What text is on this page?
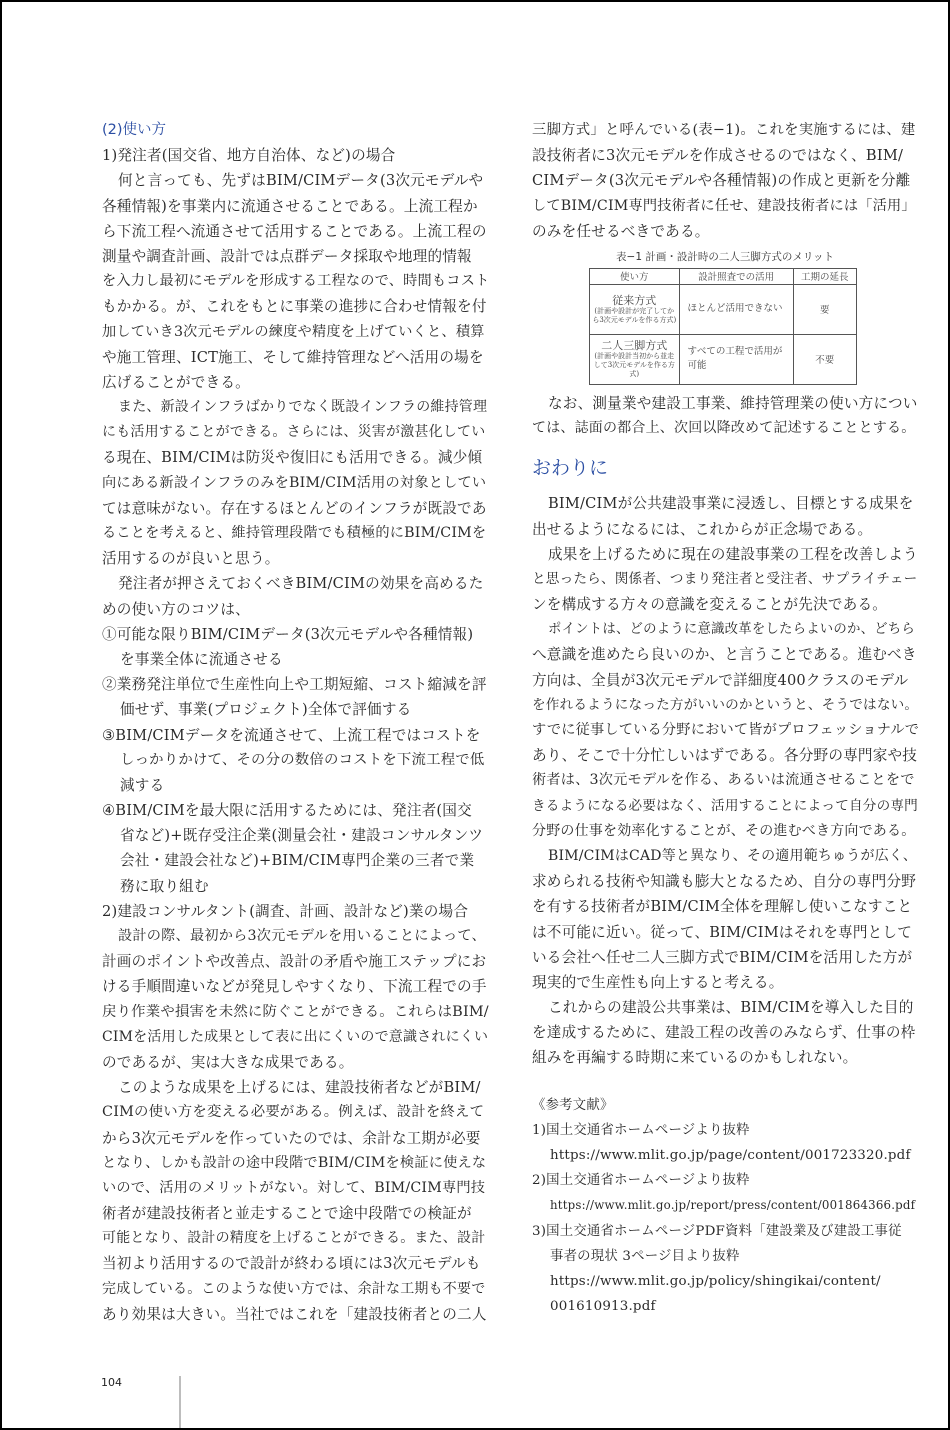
(2)使い方
1)発注者(国交省、地方自治体、など)の場合
何と言っても、先ずはBIM/CIMデータ(3次元モデルや
各種情報)を事業内に流通させることである。上流工程か
ら下流工程へ流通させて活用することである。上流工程の
測量や調査計画、設計では点群データ採取や地理的情報
を入力し最初にモデルを形成する工程なので、時間もコスト
もかかる。が、これをもとに事業の進捗に合わせ情報を付
加していき3次元モデルの練度や精度を上げていくと、積算
や施工管理、ICT施工、そして維持管理などへ活用の場を
広げることができる。
また、新設インフラばかりでなく既設インフラの維持管理
にも活用することができる。さらには、災害が激甚化してい
る現在、BIM/CIMは防災や復旧にも活用できる。減少傾
向にある新設インフラのみをBIM/CIM活用の対象としてい
ては意味がない。存在するほとんどのインフラが既設であ
ることを考えると、維持管理段階でも積極的にBIM/CIMを
活用するのが良いと思う。
発注者が押さえておくべきBIM/CIMの効果を高めるた
めの使い方のコツは、
①可能な限りBIM/CIMデータ(3次元モデルや各種情報)
を事業全体に流通させる
②業務発注単位で生産性向上や工期短縮、コスト縮減を評
価せず、事業(プロジェクト)全体で評価する
③BIM/CIMデータを流通させて、上流工程ではコストを
しっかりかけて、その分の数倍のコストを下流工程で低
減する
④BIM/CIMを最大限に活用するためには、発注者(国交
省など)+既存受注企業(測量会社・建設コンサルタンツ
会社・建設会社など)+BIM/CIM専門企業の三者で業
務に取り組む
2)建設コンサルタント(調査、計画、設計など)業の場合
設計の際、最初から3次元モデルを用いることによって、
計画のポイントや改善点、設計の矛盾や施工ステップにお
ける手順間違いなどが発見しやすくなり、下流工程での手
戻り作業や損害を未然に防ぐことができる。これらはBIM/
CIMを活用した成果として表に出にくいので意識されにくい
のであるが、実は大きな成果である。
このような成果を上げるには、建設技術者などがBIM/
CIMの使い方を変える必要がある。例えば、設計を終えて
から3次元モデルを作っていたのでは、余計な工期が必要
となり、しかも設計の途中段階でBIM/CIMを検証に使えな
いので、活用のメリットがない。対して、BIM/CIM専門技
術者が建設技術者と並走することで途中段階での検証が
可能となり、設計の精度を上げることができる。また、設計
当初より活用するので設計が終わる頃には3次元モデルも
完成している。このような使い方では、余計な工期も不要で
あり効果は大きい。当社ではこれを「建設技術者との二人
三脚方式」と呼んでいる(表−1)。これを実施するには、建
設技術者に3次元モデルを作成させるのではなく、BIM/
CIMデータ(3次元モデルや各種情報)の作成と更新を分離
してBIM/CIM専門技術者に任せ、建設技術者には「活用」
のみを任せるべきである。
表−1 計画・設計時の二人三脚方式のメリット
使い方	設計照査での活用	工期の延長

従来方式
(計画や設計が完了してから3次元モデルを作る方式)	ほとんど活用できない	要

二人三脚方式
(計画や設計当初から並走して3次元モデルを作る方式)	すべての工程で活用が可能	不要
なお、測量業や建設工事業、維持管理業の使い方につい
ては、誌面の都合上、次回以降改めて記述することとする。
おわりに
BIM/CIMが公共建設事業に浸透し、目標とする成果を
出せるようになるには、これからが正念場である。
成果を上げるために現在の建設事業の工程を改善しよう
と思ったら、関係者、つまり発注者と受注者、サプライチェー
ンを構成する方々の意識を変えることが先決である。
ポイントは、どのように意識改革をしたらよいのか、どちら
へ意識を進めたら良いのか、と言うことである。進むべき
方向は、全員が3次元モデルで詳細度400クラスのモデル
を作れるようになった方がいいのかというと、そうではない。
すでに従事している分野において皆がプロフェッショナルで
あり、そこで十分忙しいはずである。各分野の専門家や技
術者は、3次元モデルを作る、あるいは流通させることをで
きるようになる必要はなく、活用することによって自分の専門
分野の仕事を効率化することが、その進むべき方向である。
BIM/CIMはCAD等と異なり、その適用範ちゅうが広く、
求められる技術や知識も膨大となるため、自分の専門分野
を有する技術者がBIM/CIM全体を理解し使いこなすこと
は不可能に近い。従って、BIM/CIMはそれを専門として
いる会社へ任せ二人三脚方式でBIM/CIMを活用した方が
現実的で生産性も向上すると考える。
これからの建設公共事業は、BIM/CIMを導入した目的
を達成するために、建設工程の改善のみならず、仕事の枠
組みを再編する時期に来ているのかもしれない。
《参考文献》
1)国土交通省ホームページより抜粋
https://www.mlit.go.jp/page/content/001723320.pdf
2)国土交通省ホームページより抜粋
https://www.mlit.go.jp/report/press/content/001864366.pdf
3)国土交通省ホームページPDF資料「建設業及び建設工事従
事者の現状 3ページ目より抜粋
https://www.mlit.go.jp/policy/shingikai/content/
001610913.pdf
104
